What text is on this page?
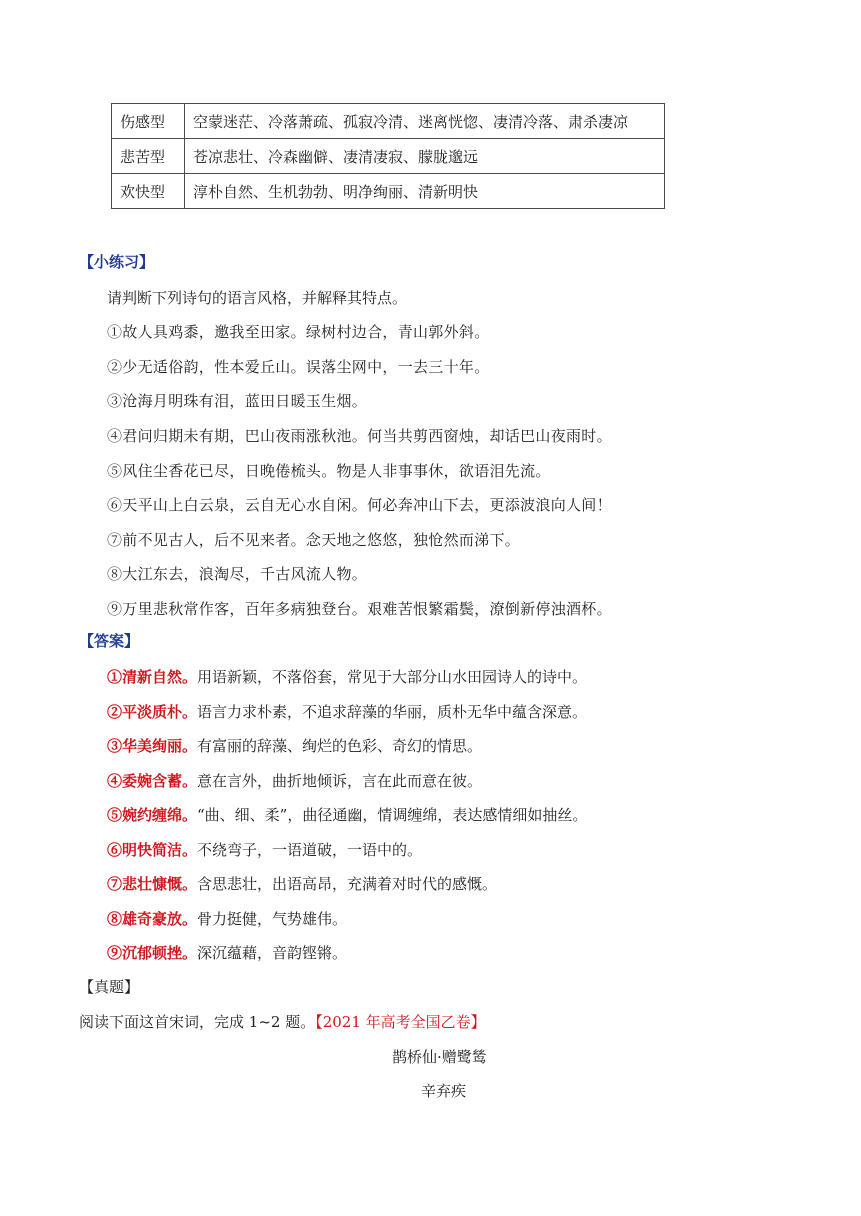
伤感型	空蒙迷茫、冷落萧疏、孤寂冷清、迷离恍惚、凄清冷落、肃杀凄凉
悲苦型	苍凉悲壮、冷森幽僻、凄清凄寂、朦胧邈远
欢快型	淳朴自然、生机勃勃、明净绚丽、清新明快
【小练习】
请判断下列诗句的语言风格，并解释其特点。
①故人具鸡黍，邀我至田家。绿树村边合，青山郭外斜。
②少无适俗韵，性本爱丘山。误落尘网中，一去三十年。
③沧海月明珠有泪，蓝田日暖玉生烟。
④君问归期未有期，巴山夜雨涨秋池。何当共剪西窗烛，却话巴山夜雨时。
⑤风住尘香花已尽，日晚倦梳头。物是人非事事休，欲语泪先流。
⑥天平山上白云泉，云自无心水自闲。何必奔冲山下去，更添波浪向人间！
⑦前不见古人，后不见来者。念天地之悠悠，独怆然而涕下。
⑧大江东去，浪淘尽，千古风流人物。
⑨万里悲秋常作客，百年多病独登台。艰难苦恨繁霜鬓，潦倒新停浊酒杯。
【答案】
①清新自然。用语新颖，不落俗套，常见于大部分山水田园诗人的诗中。
②平淡质朴。语言力求朴素，不追求辞藻的华丽，质朴无华中蕴含深意。
③华美绚丽。有富丽的辞藻、绚烂的色彩、奇幻的情思。
④委婉含蓄。意在言外，曲折地倾诉，言在此而意在彼。
⑤婉约缠绵。“曲、细、柔”，曲径通幽，情调缠绵，表达感情细如抽丝。
⑥明快简洁。不绕弯子，一语道破，一语中的。
⑦悲壮慷慨。含思悲壮，出语高昂，充满着对时代的感慨。
⑧雄奇豪放。骨力挺健，气势雄伟。
⑨沉郁顿挫。深沉蕴藉，音韵铿锵。
【真题】
阅读下面这首宋词，完成 1~2 题。【2021 年高考全国乙卷】
鹊桥仙·赠鹭鸶
辛弃疾
